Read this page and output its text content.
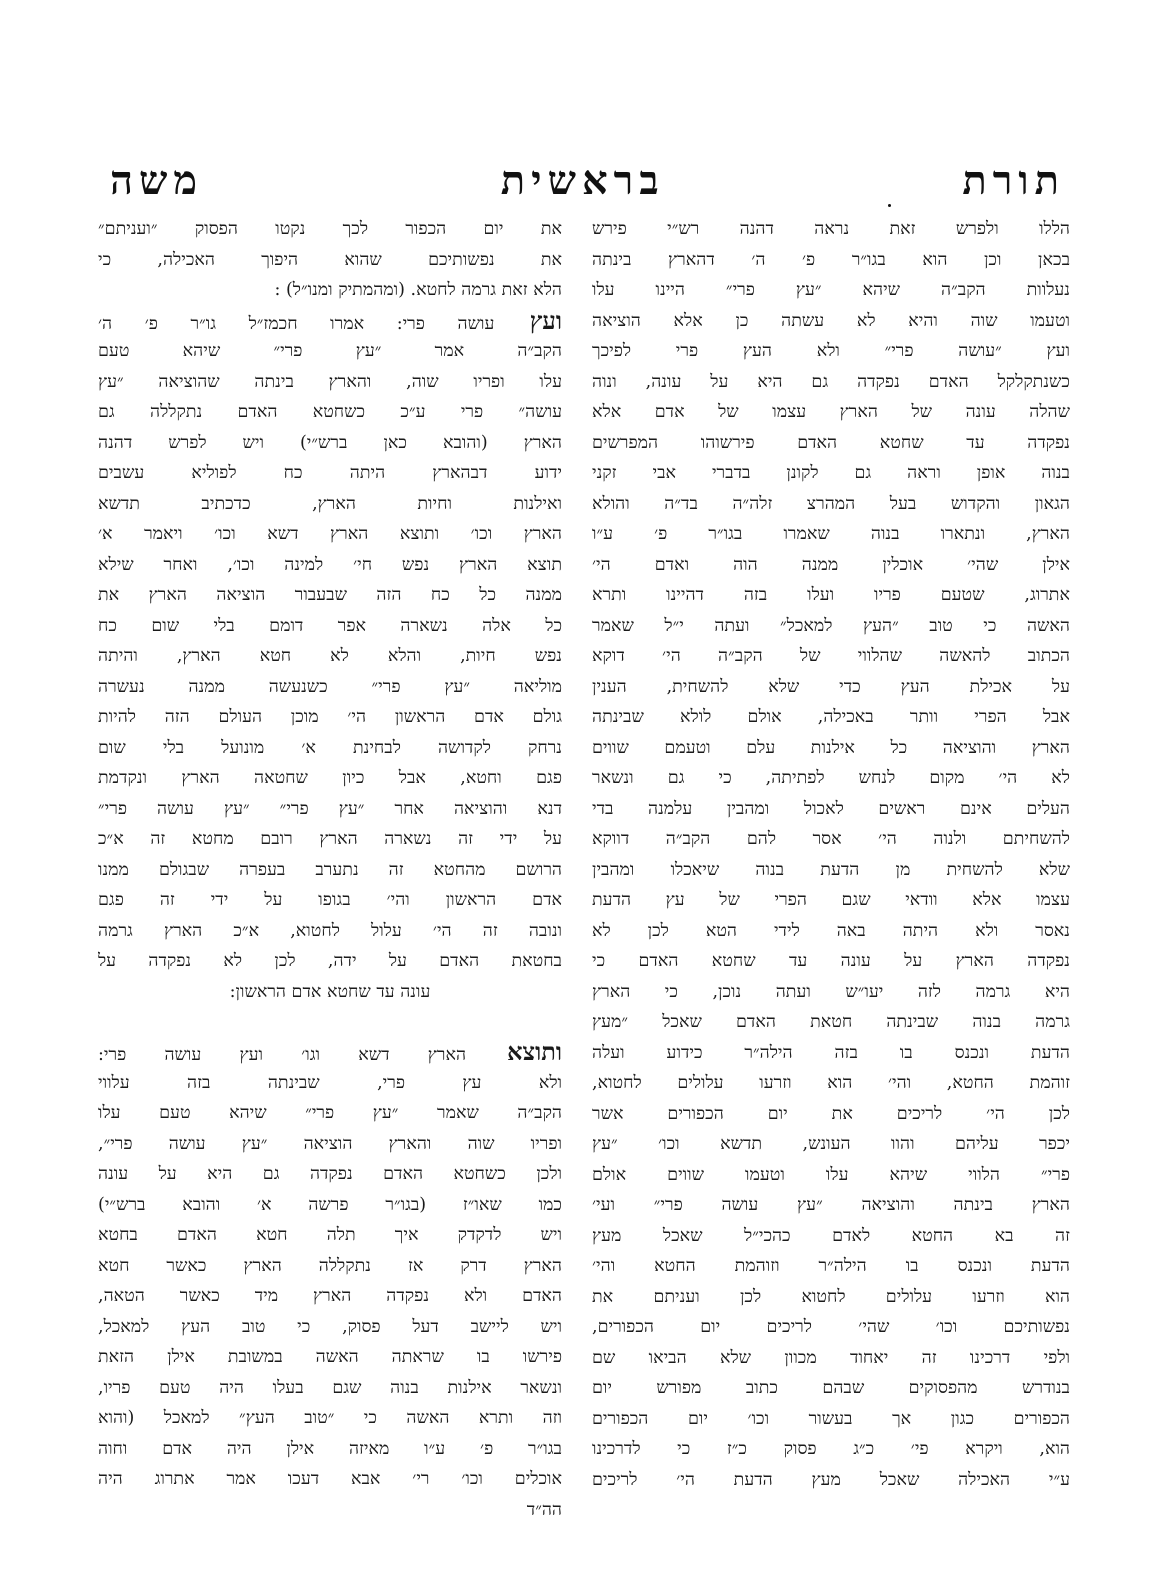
תורת
בראשית
משה
הללו ולפרש זאת נראה דהנה רש״י פירש
בכאן וכן הוא בגו״ר פ׳ ה׳ דהארץ בינתה
נעלוות הקב״ה שיהא ״עץ פרי״ היינו עלו
וטעמו שוה והיא לא עשתה כן אלא הוציאה
ועץ ״עושה פרי״ ולא העץ פרי לפיכך
כשנתקלקל האדם נפקדה גם היא על עונה, ונוה
שהלה עונה של הארץ עצמו של אדם אלא
נפקדה עד שחטא האדם פירשוהו המפרשים
בנוה אופן וראה גם לקונן בדברי אבי זקני
הגאון והקדוש בעל המהרצ זלה״ה בד״ה והולא
הארץ, ונתארו בנוה שאמרו בגו״ר פ׳ ע״ו
אילן שהי׳ אוכלין ממנה הוה ואדם הי׳
אתרוג, שטעם פריו ועלו בזה דהיינו ותרא
האשה כי טוב ״העץ למאכל״ ועתה י״ל שאמר
הכתוב להאשה שהלווי של הקב״ה הי׳ דוקא
על אכילת העץ כדי שלא להשחית, הענין
אבל הפרי וותר באכילה, אולם לולא שבינתה
הארץ והוציאה כל אילנות עלם וטעמם שווים
לא הי׳ מקום לנחש לפתיתה, כי גם ונשאר
העלים אינם ראשים לאכול ומהבין עלמנה בדי
להשחיתם ולנוה הי׳ אסר להם הקב״ה דווקא
שלא להשחית מן הדעת בנוה שיאכלו ומהבין
עצמו אלא וודאי שגם הפרי של עץ הדעת
נאסר ולא היתה באה לידי הטא לכן לא
נפקדה הארץ על עונה עד שחטא האדם כי
היא גרמה לזה יעו״ש ועתה נוכן, כי הארץ
גרמה בנוה שבינתה חטאת האדם שאכל ״מעץ
הדעת ונכנס בו בזה הילה״ר כידוע ועלה
זוהמת החטא, והי׳ הוא וזרעו עלולים לחטוא,
לכן הי׳ לריכים את יום הכפורים אשר
יכפר עליהם והוו העונש, תדשא וכו׳ ״עץ
פרי״ הלווי שיהא עלו וטעמו שווים אולם
הארץ בינתה והוציאה ״עץ עושה פרי״ ועי׳
זה בא החטא לאדם כהכי״ל שאכל מעץ
הדעת ונכנס בו הילה״ר וזוהמת החטא והי׳
הוא וזרעו עלולים לחטוא לכן ועניתם את
נפשותיכם וכו׳ שהי׳ לריכים יום הכפורים,
ולפי דרכינו זה יאחוד מכוון שלא הביאו שם
בנודרש מהפסוקים שבהם כתוב מפורש יום
הכפורים כגון אך בעשור וכו׳ יום הכפורים
הוא, ויקרא פי׳ כ״ג פסוק כ״ז כי לדרכינו
ע״י האכילה שאכל מעץ הדעת הי׳ לריכים
את יום הכפור לכך נקטו הפסוק ״ועניתם״
את נפשותיכם שהוא היפוך האכילה, כי
הלא זאת גרמה לחטא. (ומהמתיק ומנו״ל) :
ועץ עושה פרי: אמרו חכמז״ל גו״ר פ׳ ה׳
הקב״ה אמר ״עץ פרי״ שיהא טעם
עלו ופריו שוה, והארץ בינתה שהוציאה ״עץ
עושה״ פרי ע״כ כשחטא האדם נתקללה גם
הארץ (והובא כאן ברש״י) ויש לפרש דהנה
ידוע דבהארץ היתה כח לפוליא עשבים
ואילנות וחיות הארץ, כדכתיב תדשא
הארץ וכו׳ ותוצא הארץ דשא וכו׳ ויאמר א׳
תוצא הארץ נפש חי׳ למינה וכו׳, ואחר שילא
ממנה כל כח הזה שבעבור הוציאה הארץ את
כל אלה נשארה אפר דומם בלי שום כח
נפש חיות, והלא לא חטא הארץ, והיתה
מוליאה ״עץ פרי״ כשנעשה ממנה נעשרה
גולם אדם הראשון הי׳ מוכן העולם הזה להיות
נרחק לקדושה לבחינת א׳ מונועל בלי שום
פגם וחטא, אבל כיון שחטאה הארץ ונקדמת
דנא והוציאה אחר ״עץ פרי״ ״עץ עושה פרי״
על ידי זה נשארה הארץ רובם מחטא זה א״כ
הרושם מהחטא זה נתערב בעפרה שבגולם ממנו
אדם הראשון והי׳ בגופו על ידי זה פגם
ונובה זה הי׳ עלול לחטוא, א״כ הארץ גרמה
בחטאת האדם על ידה, לכן לא נפקדה על
עונה עד שחטא אדם הראשון:
ותוצא הארץ דשא וגו׳ ועץ עושה פרי:
ולא עץ פרי, שבינתה בזה עלווי
הקב״ה שאמר ״עץ פרי״ שיהא טעם עלו
ופריו שוה והארץ הוציאה ״עץ עושה פרי״,
ולכן כשחטא האדם נפקדה גם היא על עונה
כמו שאו״ז (בגו״ר פרשה א׳ והובא ברש״י)
ויש לדקדק איך תלה חטא האדם בחטא
הארץ דרק אז נתקללה הארץ כאשר חטא
האדם ולא נפקדה הארץ מיד כאשר הטאה,
ויש ליישב דעל פסוק, כי טוב העץ למאכל,
פירשו בו שראתה האשה במשובת אילן הזאת
ונשאר אילנות בנוה שגם בעלו היה טעם פריו,
וזה ותרא האשה כי ״טוב העץ״ למאכל (והוא
בגו״ר פ׳ ע״ו מאיזה אילן היה אדם וחוה
אוכלים וכו׳ רי׳ אבא דעכו אמר אתרוג היה
הה״ד
